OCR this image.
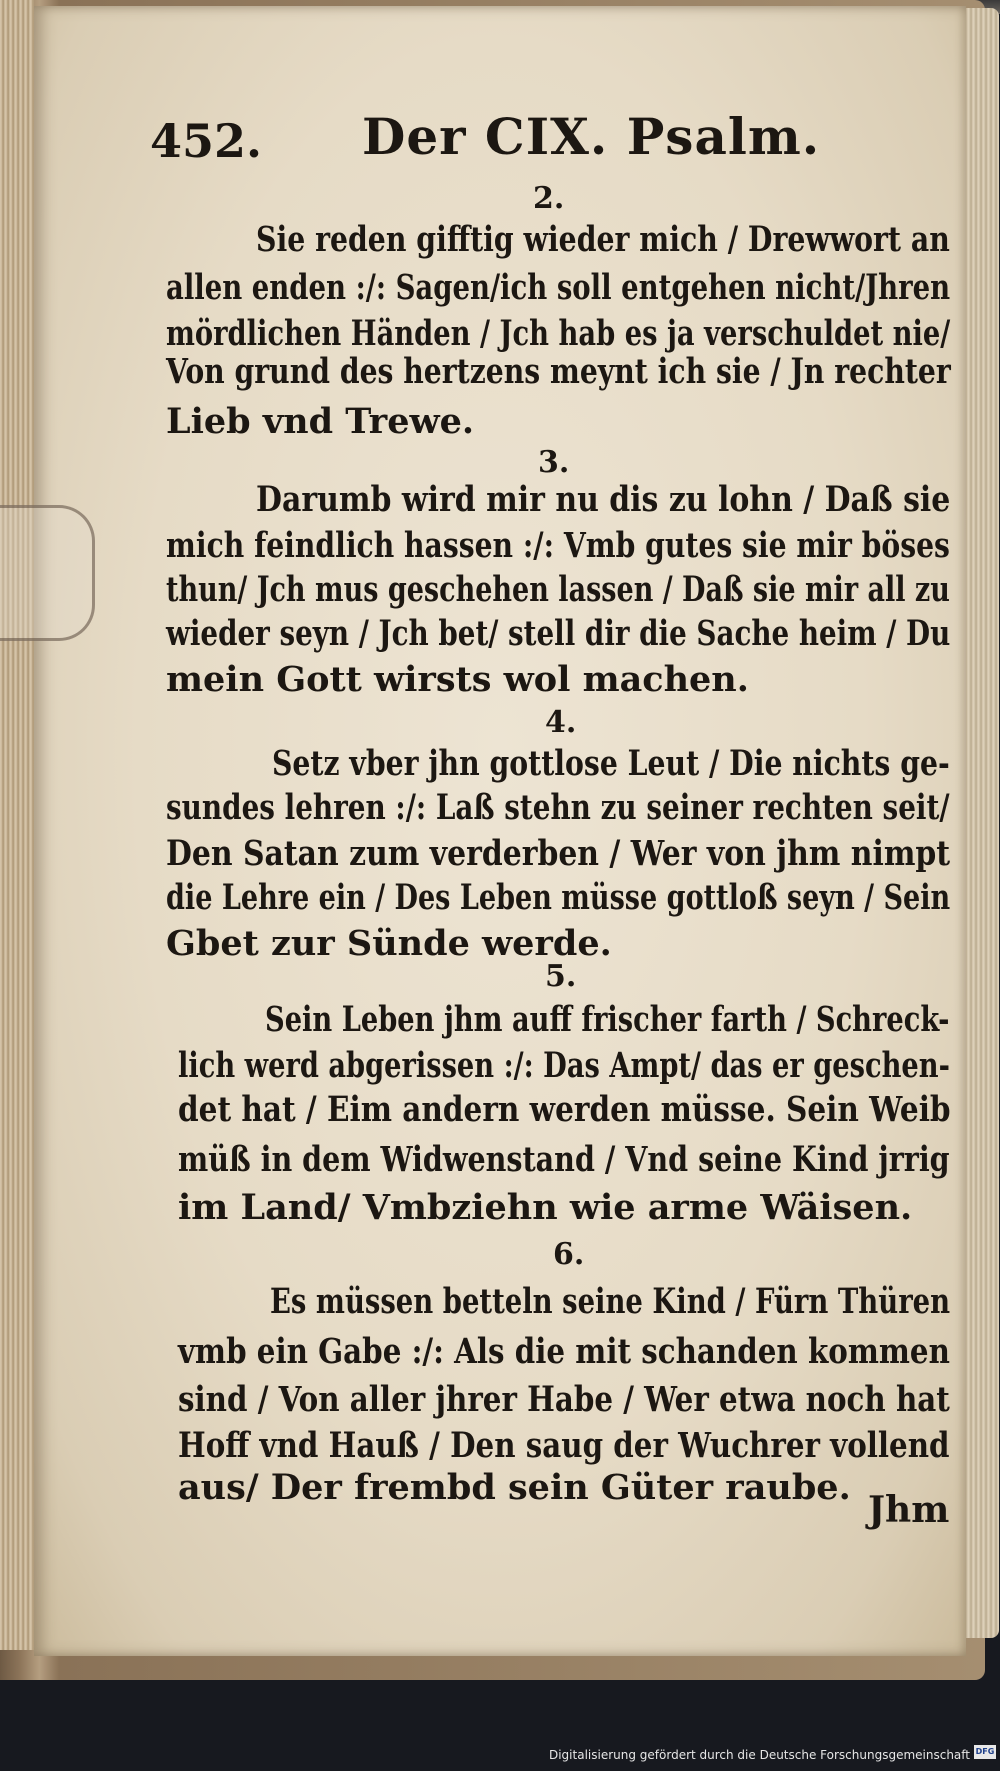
452. Der CIX. Psalm.
2.
Sie reden gifftig wieder mich / Drewwort an
allen enden :/: Sagen/ich soll entgehen nicht/Jhren
mördlichen Händen / Jch hab es ja verschuldet nie/
Von grund des hertzens meynt ich sie / Jn rechter
Lieb vnd Trewe.
3.
Darumb wird mir nu dis zu lohn / Daß sie
mich feindlich hassen :/: Vmb gutes sie mir böses
thun/ Jch mus geschehen lassen / Daß sie mir all zu
wieder seyn / Jch bet/ stell dir die Sache heim / Du
mein Gott wirsts wol machen.
4.
Setz vber jhn gottlose Leut / Die nichts ge-
sundes lehren :/: Laß stehn zu seiner rechten seit/
Den Satan zum verderben / Wer von jhm nimpt
die Lehre ein / Des Leben müsse gottloß seyn / Sein
Gbet zur Sünde werde.
5.
Sein Leben jhm auff frischer farth / Schreck-
lich werd abgerissen :/: Das Ampt/ das er geschen-
det hat / Eim andern werden müsse. Sein Weib
müß in dem Widwenstand / Vnd seine Kind jrrig
im Land/ Vmbziehn wie arme Wäisen.
6.
Es müssen betteln seine Kind / Fürn Thüren
vmb ein Gabe :/: Als die mit schanden kommen
sind / Von aller jhrer Habe / Wer etwa noch hat
Hoff vnd Hauß / Den saug der Wuchrer vollend
aus/ Der frembd sein Güter raube.
Jhm
Digitalisierung gefördert durch die Deutsche Forschungsgemeinschaft DFG
